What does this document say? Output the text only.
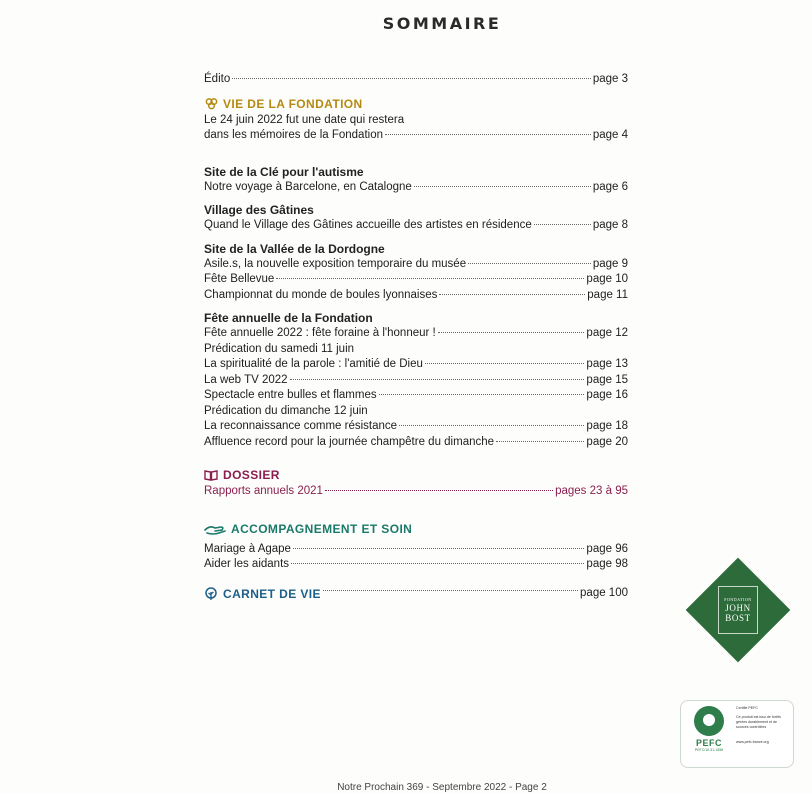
SOMMAIRE
Édito	page 3
VIE DE LA FONDATION
Le 24 juin 2022 fut une date qui restera
dans les mémoires de la Fondation	page 4
Site de la Clé pour l'autisme
Notre voyage à Barcelone, en Catalogne	page 6
Village des Gâtines
Quand le Village des Gâtines accueille des artistes en résidence	page 8
Site de la Vallée de la Dordogne
Asile.s, la nouvelle exposition temporaire du musée	page 9
Fête Bellevue	page 10
Championnat du monde de boules lyonnaises	page 11
Fête annuelle de la Fondation
Fête annuelle 2022 : fête foraine à l'honneur !	page 12
Prédication du samedi 11 juin
La spiritualité de la parole : l'amitié de Dieu	page 13
La web TV 2022	page 15
Spectacle entre bulles et flammes	page 16
Prédication du dimanche 12 juin
La reconnaissance comme résistance	page 18
Affluence record pour la journée champêtre du dimanche	page 20
DOSSIER
Rapports annuels 2021	pages 23 à 95
ACCOMPAGNEMENT ET SOIN
Mariage à Agape	page 96
Aider les aidants	page 98
CARNET DE VIE	page 100
FONDATION
JOHN
BOST
PEFC
PEFC/10-31-1558
Certifié PEFC
Ce produit est issu de forêts gérées durablement et de sources contrôlées
www.pefc-france.org
Notre Prochain 369 - Septembre 2022 - Page 2
